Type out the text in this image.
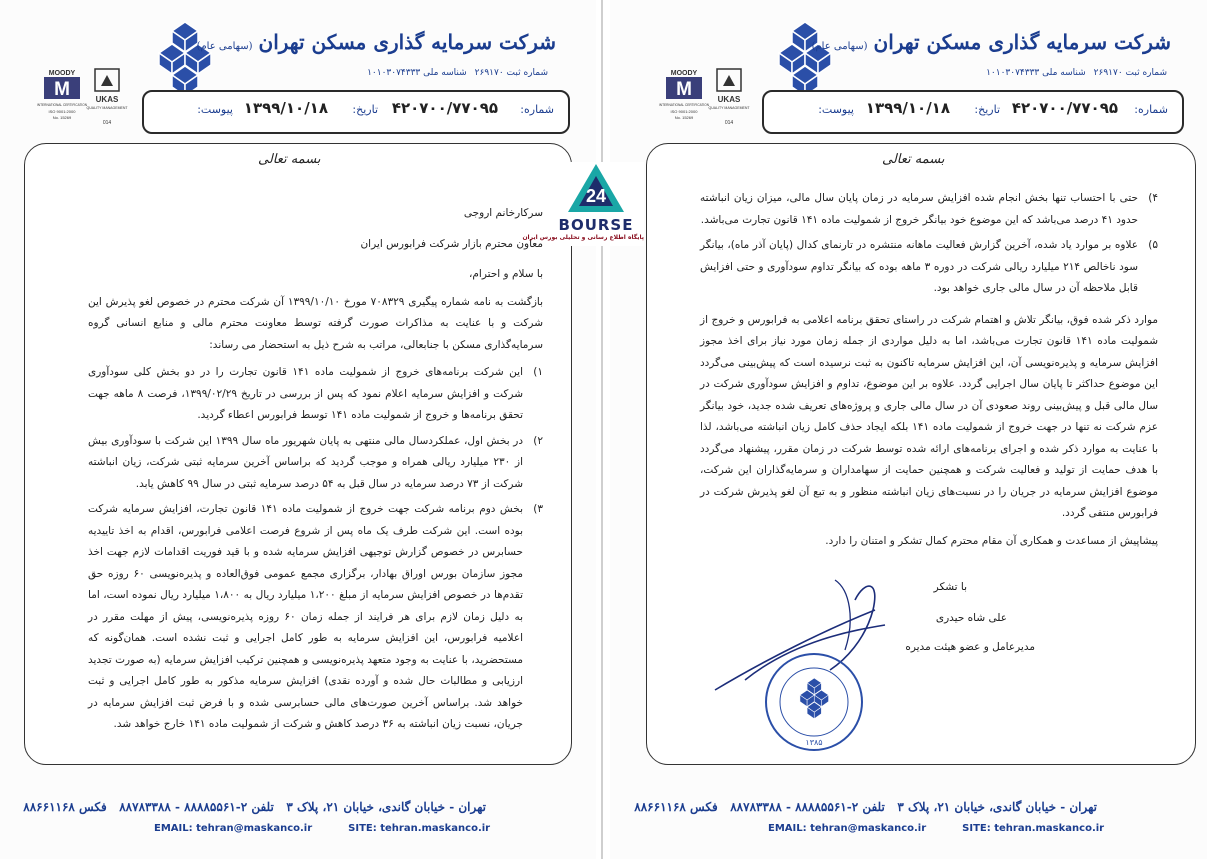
شرکت سرمایه گذاری مسکن تهران(سهامی عام)
شماره ثبت ۲۶۹۱۷۰شناسه ملی ۱۰۱۰۳۰۷۴۳۳۳
MOODY
M
INTERNATIONAL CERTIFICATION
ISO 9001:2000
No. 15269
UKAS
QUALITY MANAGEMENT
014
شماره:
۴۲۰۷۰۰/۷۷۰۹۵
تاریخ:
۱۳۹۹/۱۰/۱۸
پیوست:
بسمه تعالی

سرکارخانم اروجی

معاون محترم بازار شرکت فرابورس ایران

با سلام و احترام،

بازگشت به نامه شماره پیگیری ۷۰۸۳۲۹ مورخ ۱۳۹۹/۱۰/۱۰ آن شرکت محترم در خصوص لغو پذیرش این شرکت و با عنایت به مذاکرات صورت گرفته توسط معاونت محترم مالی و منابع انسانی گروه سرمایه‌گذاری مسکن با جنابعالی، مراتب به شرح ذیل به استحضار می رساند:

۱)
این شرکت برنامه‌های خروج از شمولیت ماده ۱۴۱ قانون تجارت را در دو بخش کلی سودآوری شرکت و افزایش سرمایه اعلام نمود که پس از بررسی در تاریخ ۱۳۹۹/۰۲/۲۹، فرصت ۸ ماهه جهت تحقق برنامه‌ها و خروج از شمولیت ماده ۱۴۱ توسط فرابورس اعطاء گردید.
۲)
در بخش اول، عملکردسال مالی منتهی به پایان شهریور ماه سال ۱۳۹۹ این شرکت با سودآوری بیش از ۲۳۰ میلیارد ریالی همراه و موجب گردید که براساس آخرین سرمایه ثبتی شرکت، زیان انباشته شرکت از ۷۳ درصد سرمایه در سال قبل به ۵۴ درصد سرمایه ثبتی در سال ۹۹ کاهش یابد.
۳)
بخش دوم برنامه شرکت جهت خروج از شمولیت ماده ۱۴۱ قانون تجارت، افزایش سرمایه شرکت بوده است. این شرکت طرف یک ماه پس از شروع فرصت اعلامی فرابورس، اقدام به اخذ تاییدیه حسابرس در خصوص گزارش توجیهی افزایش سرمایه شده و با قید فوریت اقدامات لازم جهت اخذ مجوز سازمان بورس اوراق بهادار، برگزاری مجمع عمومی فوق‌العاده و پذیره‌نویسی ۶۰ روزه حق تقدم‌ها در خصوص افزایش سرمایه از مبلغ ۱،۲۰۰ میلیارد ریال به ۱،۸۰۰ میلیارد ریال نموده است، اما به دلیل زمان لازم برای هر فرایند از جمله زمان ۶۰ روزه پذیره‌نویسی، پیش از مهلت مقرر در اعلامیه فرابورس، این افزایش سرمایه به طور کامل اجرایی و ثبت نشده است. همان‌گونه که مستحضرید، با عنایت به وجود متعهد پذیره‌نویسی و همچنین ترکیب افزایش سرمایه (به صورت تجدید ارزیابی و مطالبات حال شده و آورده نقدی) افزایش سرمایه مذکور به طور کامل اجرایی و ثبت خواهد شد. براساس آخرین صورت‌های مالی حسابرسی شده و با فرض ثبت افزایش سرمایه در جریان، نسبت زیان انباشته به ۳۶ درصد کاهش و شرکت از شمولیت ماده ۱۴۱ خارج خواهد شد.
تهران - خیابان گاندی، خیابان ۲۱، پلاک ۳   تلفن ۲-۸۸۸۸۵۵۶۱ - ۸۸۷۸۳۳۸۸   فکس ۸۸۶۶۱۱۶۸
EMAIL: tehran@maskanco.ir	SITE: tehran.maskanco.ir
شرکت سرمایه گذاری مسکن تهران(سهامی عام)
شماره ثبت ۲۶۹۱۷۰شناسه ملی ۱۰۱۰۳۰۷۴۳۳۳
MOODY
M
INTERNATIONAL CERTIFICATION
ISO 9001:2000
No. 15269
UKAS
QUALITY MANAGEMENT
014
شماره:
۴۲۰۷۰۰/۷۷۰۹۵
تاریخ:
۱۳۹۹/۱۰/۱۸
پیوست:
بسمه تعالی
۴)
حتی با احتساب تنها بخش انجام شده افزایش سرمایه در زمان پایان سال مالی، میزان زیان انباشته حدود ۴۱ درصد می‌باشد که این موضوع خود بیانگر خروج از شمولیت ماده ۱۴۱ قانون تجارت می‌باشد.
۵)
علاوه بر موارد یاد شده، آخرین گزارش فعالیت ماهانه منتشره در تارنمای کدال (پایان آذر ماه)، بیانگر سود ناخالص ۲۱۴ میلیارد ریالی شرکت در دوره ۳ ماهه بوده که بیانگر تداوم سودآوری و حتی افزایش قابل ملاحظه آن در سال مالی جاری خواهد بود.

موارد ذکر شده فوق، بیانگر تلاش و اهتمام شرکت در راستای تحقق برنامه اعلامی به فرابورس و خروج از شمولیت ماده ۱۴۱ قانون تجارت می‌باشد، اما به دلیل مواردی از جمله زمان مورد نیاز برای اخذ مجوز افزایش سرمایه و پذیره‌نویسی آن، این افزایش سرمایه تاکنون به ثبت نرسیده است که پیش‌بینی می‌گردد این موضوع حداکثر تا پایان سال اجرایی گردد. علاوه بر این موضوع، تداوم و افزایش سودآوری شرکت در سال مالی قبل و پیش‌بینی روند صعودی آن در سال مالی جاری و پروژه‌های تعریف شده جدید، خود بیانگر عزم شرکت نه تنها در جهت خروج از شمولیت ماده ۱۴۱ بلکه ایجاد حذف کامل زیان انباشته می‌باشد، لذا با عنایت به موارد ذکر شده و اجرای برنامه‌های ارائه شده توسط شرکت در زمان مقرر، پیشنهاد می‌گردد با هدف حمایت از تولید و فعالیت شرکت و همچنین حمایت از سهامداران و سرمایه‌گذاران این شرکت، موضوع افزایش سرمایه در جریان را در نسبت‌های زیان انباشته منظور و به تبع آن لغو پذیرش شرکت در فرابورس منتفی گردد.

پیشاپیش از مساعدت و همکاری آن مقام محترم کمال تشکر و امتنان را دارد.

با تشکر
علی شاه حیدری
مدیرعامل و عضو هیئت مدیره
۱۳۸۵
تهران - خیابان گاندی، خیابان ۲۱، پلاک ۳   تلفن ۲-۸۸۸۸۵۵۶۱ - ۸۸۷۸۳۳۸۸   فکس ۸۸۶۶۱۱۶۸
EMAIL: tehran@maskanco.ir	SITE: tehran.maskanco.ir
24
BOURSE
پایگاه اطلاع رسانی و تحلیلی بورس ایران
